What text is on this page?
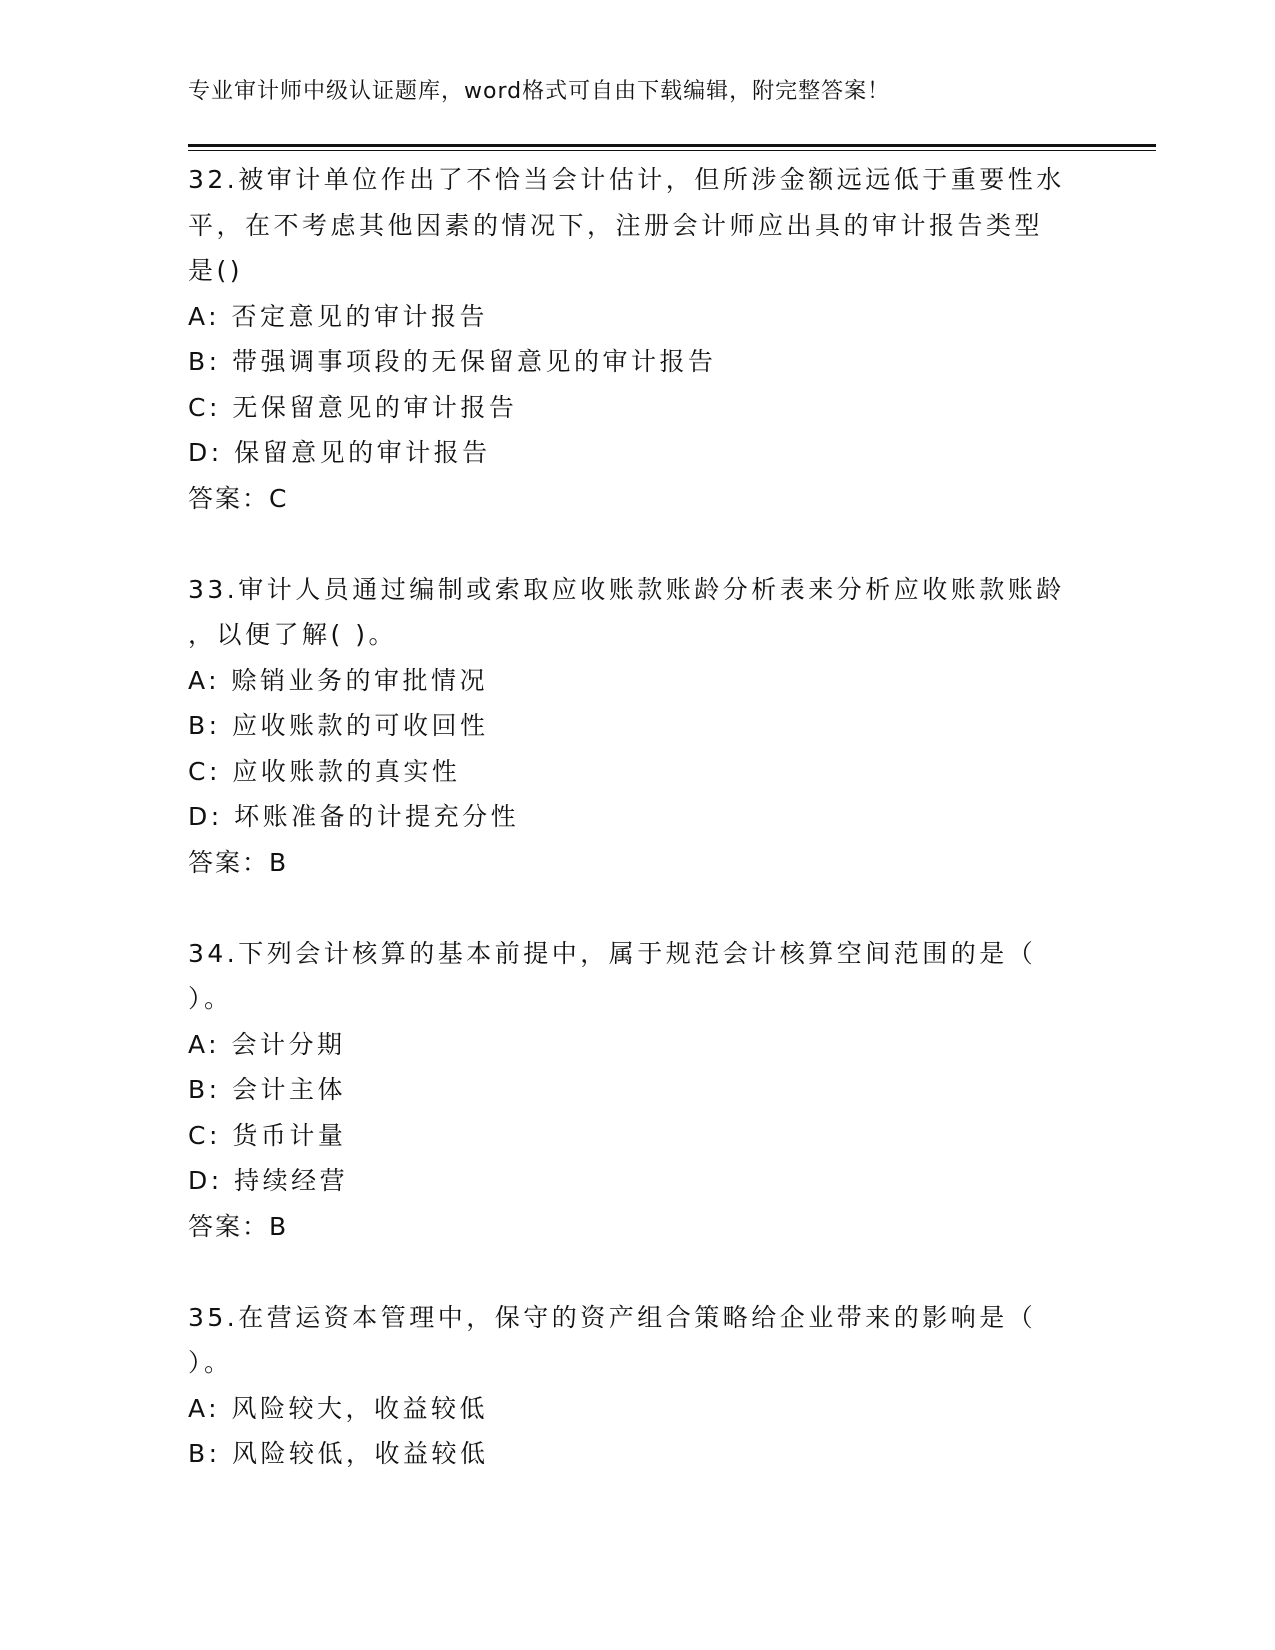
专业审计师中级认证题库，word格式可自由下载编辑，附完整答案！
32.被审计单位作出了不恰当会计估计，但所涉金额远远低于重要性水
平，在不考虑其他因素的情况下，注册会计师应出具的审计报告类型
是()
A: 否定意见的审计报告
B: 带强调事项段的无保留意见的审计报告
C: 无保留意见的审计报告
D: 保留意见的审计报告
答案：C
33.审计人员通过编制或索取应收账款账龄分析表来分析应收账款账龄
，以便了解( )。
A: 赊销业务的审批情况
B: 应收账款的可收回性
C: 应收账款的真实性
D: 坏账准备的计提充分性
答案：B
34.下列会计核算的基本前提中，属于规范会计核算空间范围的是（
）。
A: 会计分期
B: 会计主体
C: 货币计量
D: 持续经营
答案：B
35.在营运资本管理中，保守的资产组合策略给企业带来的影响是（
）。
A: 风险较大，收益较低
B: 风险较低，收益较低
